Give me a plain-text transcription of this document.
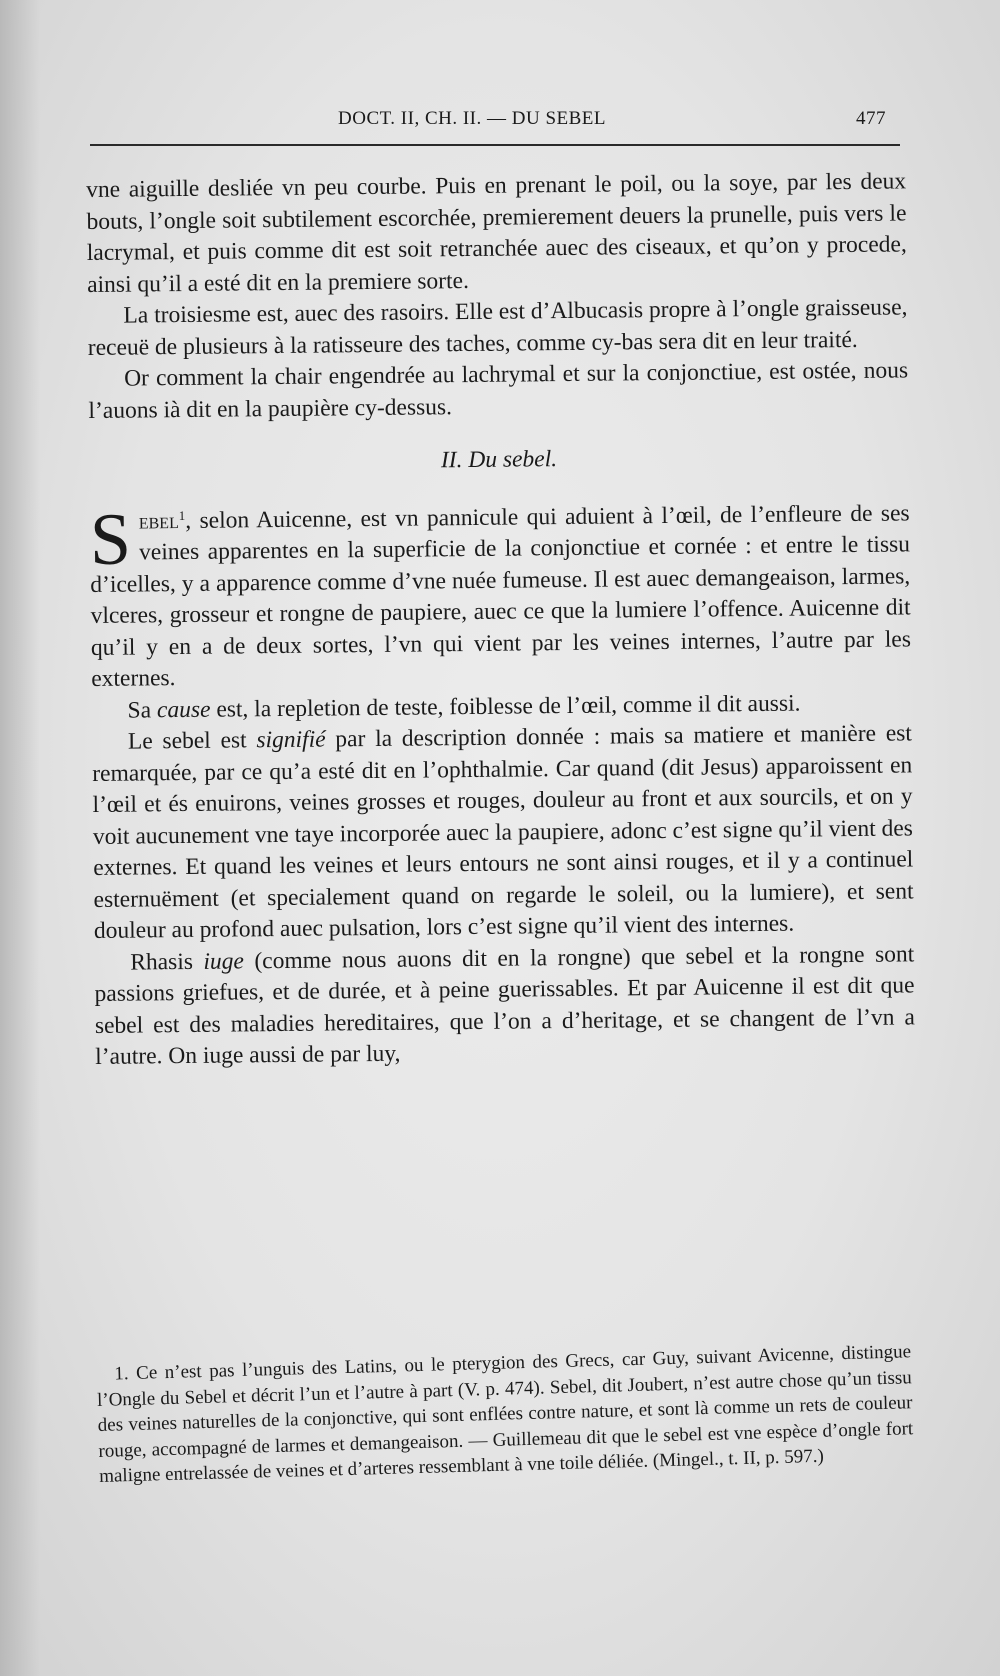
DOCT. II, CH. II. — DU SEBEL	477

vne aiguille desliée vn peu courbe. Puis en prenant le poil, ou la soye, par les deux bouts, l’ongle soit subtilement escorchée, premierement deuers la prunelle, puis vers le lacrymal, et puis comme dit est soit retranchée auec des ciseaux, et qu’on y procede, ainsi qu’il a esté dit en la premiere sorte.

La troisiesme est, auec des rasoirs. Elle est d’Albucasis propre à l’ongle graisseuse, receuë de plusieurs à la ratisseure des taches, comme cy-bas sera dit en leur traité.

Or comment la chair engendrée au lachrymal et sur la conjonctiue, est ostée, nous l’auons ià dit en la paupière cy-dessus.

II. Du sebel.

Sebel$^1$, selon Auicenne, est vn pannicule qui aduient à l’œil, de l’enfleure de ses veines apparentes en la superficie de la conjonctiue et cornée : et entre le tissu d’icelles, y a apparence comme d’vne nuée fumeuse. Il est auec demangeaison, larmes, vlceres, grosseur et rongne de paupiere, auec ce que la lumiere l’offence. Auicenne dit qu’il y en a de deux sortes, l’vn qui vient par les veines internes, l’autre par les externes.

Sa cause est, la repletion de teste, foiblesse de l’œil, comme il dit aussi.

Le sebel est signifié par la description donnée : mais sa matiere et manière est remarquée, par ce qu’a esté dit en l’ophthalmie. Car quand (dit Jesus) apparoissent en l’œil et és enuirons, veines grosses et rouges, douleur au front et aux sourcils, et on y voit aucunement vne taye incorporée auec la paupiere, adonc c’est signe qu’il vient des externes. Et quand les veines et leurs entours ne sont ainsi rouges, et il y a continuel esternuëment (et specialement quand on regarde le soleil, ou la lumiere), et sent douleur au profond auec pulsation, lors c’est signe qu’il vient des internes.

Rhasis iuge (comme nous auons dit en la rongne) que sebel et la rongne sont passions griefues, et de durée, et à peine guerissables. Et par Auicenne il est dit que sebel est des maladies hereditaires, que l’on a d’heritage, et se changent de l’vn a l’autre. On iuge aussi de par luy,

1. Ce n’est pas l’unguis des Latins, ou le pterygion des Grecs, car Guy, suivant Avicenne, distingue l’Ongle du Sebel et décrit l’un et l’autre à part (V. p. 474). Sebel, dit Joubert, n’est autre chose qu’un tissu des veines naturelles de la conjonctive, qui sont enflées contre nature, et sont là comme un rets de couleur rouge, accompagné de larmes et demangeaison. — Guillemeau dit que le sebel est vne espèce d’ongle fort maligne entrelassée de veines et d’arteres ressemblant à vne toile déliée. (Mingel., t. II, p. 597.)
